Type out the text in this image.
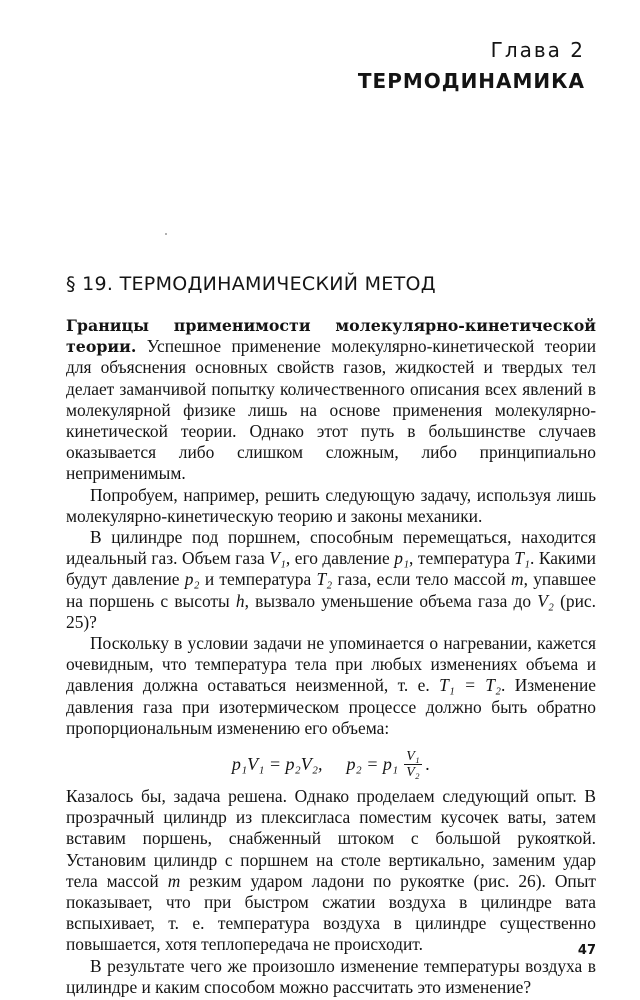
Глава 2

ТЕРМОДИНАМИКА
§ 19. ТЕРМОДИНАМИЧЕСКИЙ МЕТОД

Границы применимости молекулярно-кинетической теории. Успешное применение молекулярно-кинетической теории для объяснения основных свойств газов, жидкостей и твердых тел делает заманчивой попытку количественного описания всех явлений в молекулярной физике лишь на основе применения молекулярно-кинетической теории. Однако этот путь в большинстве случаев оказывается либо слишком сложным, либо принципиально неприменимым.

Попробуем, например, решить следующую задачу, используя лишь молекулярно-кинетическую теорию и законы механики.

В цилиндре под поршнем, способным перемещаться, находится идеальный газ. Объем газа V₁, его давление p₁, температура T₁. Какими будут давление p₂ и температура T₂ газа, если тело массой m, упавшее на поршень с высоты h, вызвало уменьшение объема газа до V₂ (рис. 25)?

Поскольку в условии задачи не упоминается о нагревании, кажется очевидным, что температура тела при любых изменениях объема и давления должна оставаться неизменной, т. е. T₁ = T₂. Изменение давления газа при изотермическом процессе должно быть обратно пропорциональным изменению его объема:

p₁V₁ = p₂V₂, $p_2 = p_1 \frac{\text{V₁}}{\text{V₂}}$ .

Казалось бы, задача решена. Однако проделаем следующий опыт. В прозрачный цилиндр из плексигласа поместим кусочек ваты, затем вставим поршень, снабженный штоком с большой рукояткой. Установим цилиндр с поршнем на столе вертикально, заменим удар тела массой m резким ударом ладони по рукоятке (рис. 26). Опыт показывает, что при быстром сжатии воздуха в цилиндре вата вспыхивает, т. е. температура воздуха в цилиндре существенно повышается, хотя теплопередача не происходит.

В результате чего же произошло изменение температуры воздуха в цилиндре и каким способом можно рассчитать это изменение?

47
